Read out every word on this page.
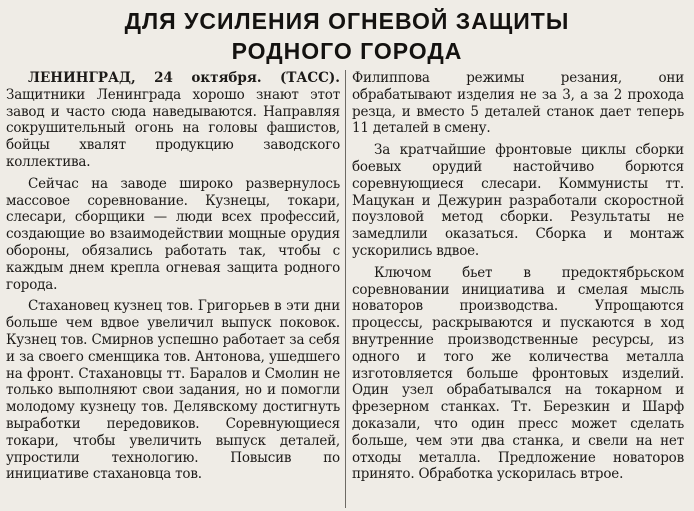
ДЛЯ УСИЛЕНИЯ ОГНЕВОЙ ЗАЩИТЫ
РОДНОГО ГОРОДА

ЛЕНИНГРАД, 24 октября. (ТАСС). Защитники Ленинграда хорошо знают этот завод и часто сюда наведываются. Направляя сокрушительный огонь на головы фашистов, бойцы хвалят продукцию заводского коллектива.

Сейчас на заводе широко развернулось массовое соревнование. Кузнецы, токари, слесари, сборщики — люди всех профессий, создающие во взаимодействии мощные орудия обороны, обязались работать так, чтобы с каждым днем крепла огневая защита родного города.

Стахановец кузнец тов. Григорьев в эти дни больше чем вдвое увеличил выпуск поковок. Кузнец тов. Смирнов успешно работает за себя и за своего сменщика тов. Антонова, ушедшего на фронт. Стахановцы тт. Баралов и Смолин не только выполняют свои задания, но и помогли молодому кузнецу тов. Делявскому достигнуть выработки передовиков. Соревнующиеся токари, чтобы увеличить выпуск деталей, упростили технологию. Повысив по инициативе стахановца тов.

Филиппова режимы резания, они обрабатывают изделия не за 3, а за 2 прохода резца, и вместо 5 деталей станок дает теперь 11 деталей в смену.

За кратчайшие фронтовые циклы сборки боевых орудий настойчиво борются соревнующиеся слесари. Коммунисты тт. Мацукан и Дежурин разработали скоростной поузловой метод сборки. Результаты не замедлили оказаться. Сборка и монтаж ускорились вдвое.

Ключом бьет в предоктябрьском соревновании инициатива и смелая мысль новаторов производства. Упрощаются процессы, раскрываются и пускаются в ход внутренние производственные ресурсы, из одного и того же количества металла изготовляется больше фронтовых изделий. Один узел обрабатывался на токарном и фрезерном станках. Тт. Березкин и Шарф доказали, что один пресс может сделать больше, чем эти два станка, и свели на нет отходы металла. Предложение новаторов принято. Обработка ускорилась втрое.
